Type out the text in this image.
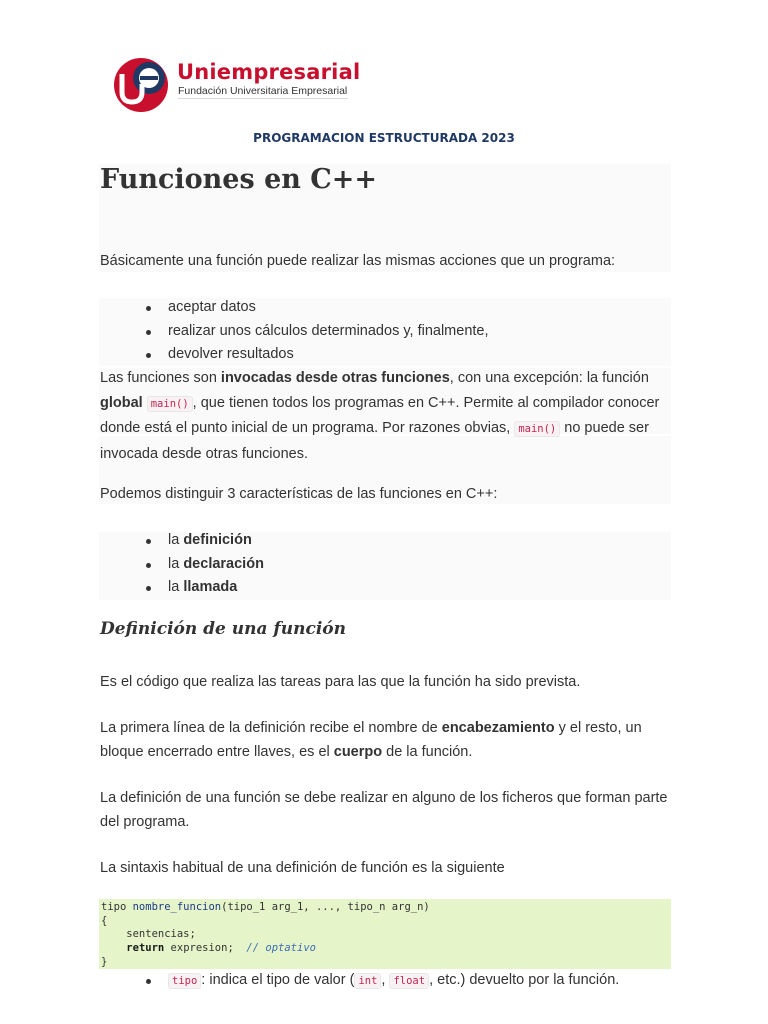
Uniempresarial
Fundación Universitaria Empresarial
PROGRAMACION ESTRUCTURADA 2023
Funciones en C++

Básicamente una función puede realizar las mismas acciones que un programa:

aceptar datos
realizar unos cálculos determinados y, finalmente,
devolver resultados

Las funciones son invocadas desde otras funciones, con una excepción: la función global main() , que tienen todos los programas en C++. Permite al compilador conocer donde está el punto inicial de un programa. Por razones obvias, main() no puede ser invocada desde otras funciones.

Podemos distinguir 3 características de las funciones en C++:

la definición
la declaración
la llamada
Definición de una función

Es el código que realiza las tareas para las que la función ha sido prevista.

La primera línea de la definición recibe el nombre de encabezamiento y el resto, un bloque encerrado entre llaves, es el cuerpo de la función.

La definición de una función se debe realizar en alguno de los ficheros que forman parte del programa.

La sintaxis habitual de una definición de función es la siguiente

tipo nombre_funcion(tipo_1 arg_1, ..., tipo_n arg_n)
{
sentencias;
return expresion;  // optativo
}
tipo : indica el tipo de valor ( int , float , etc.) devuelto por la función.
